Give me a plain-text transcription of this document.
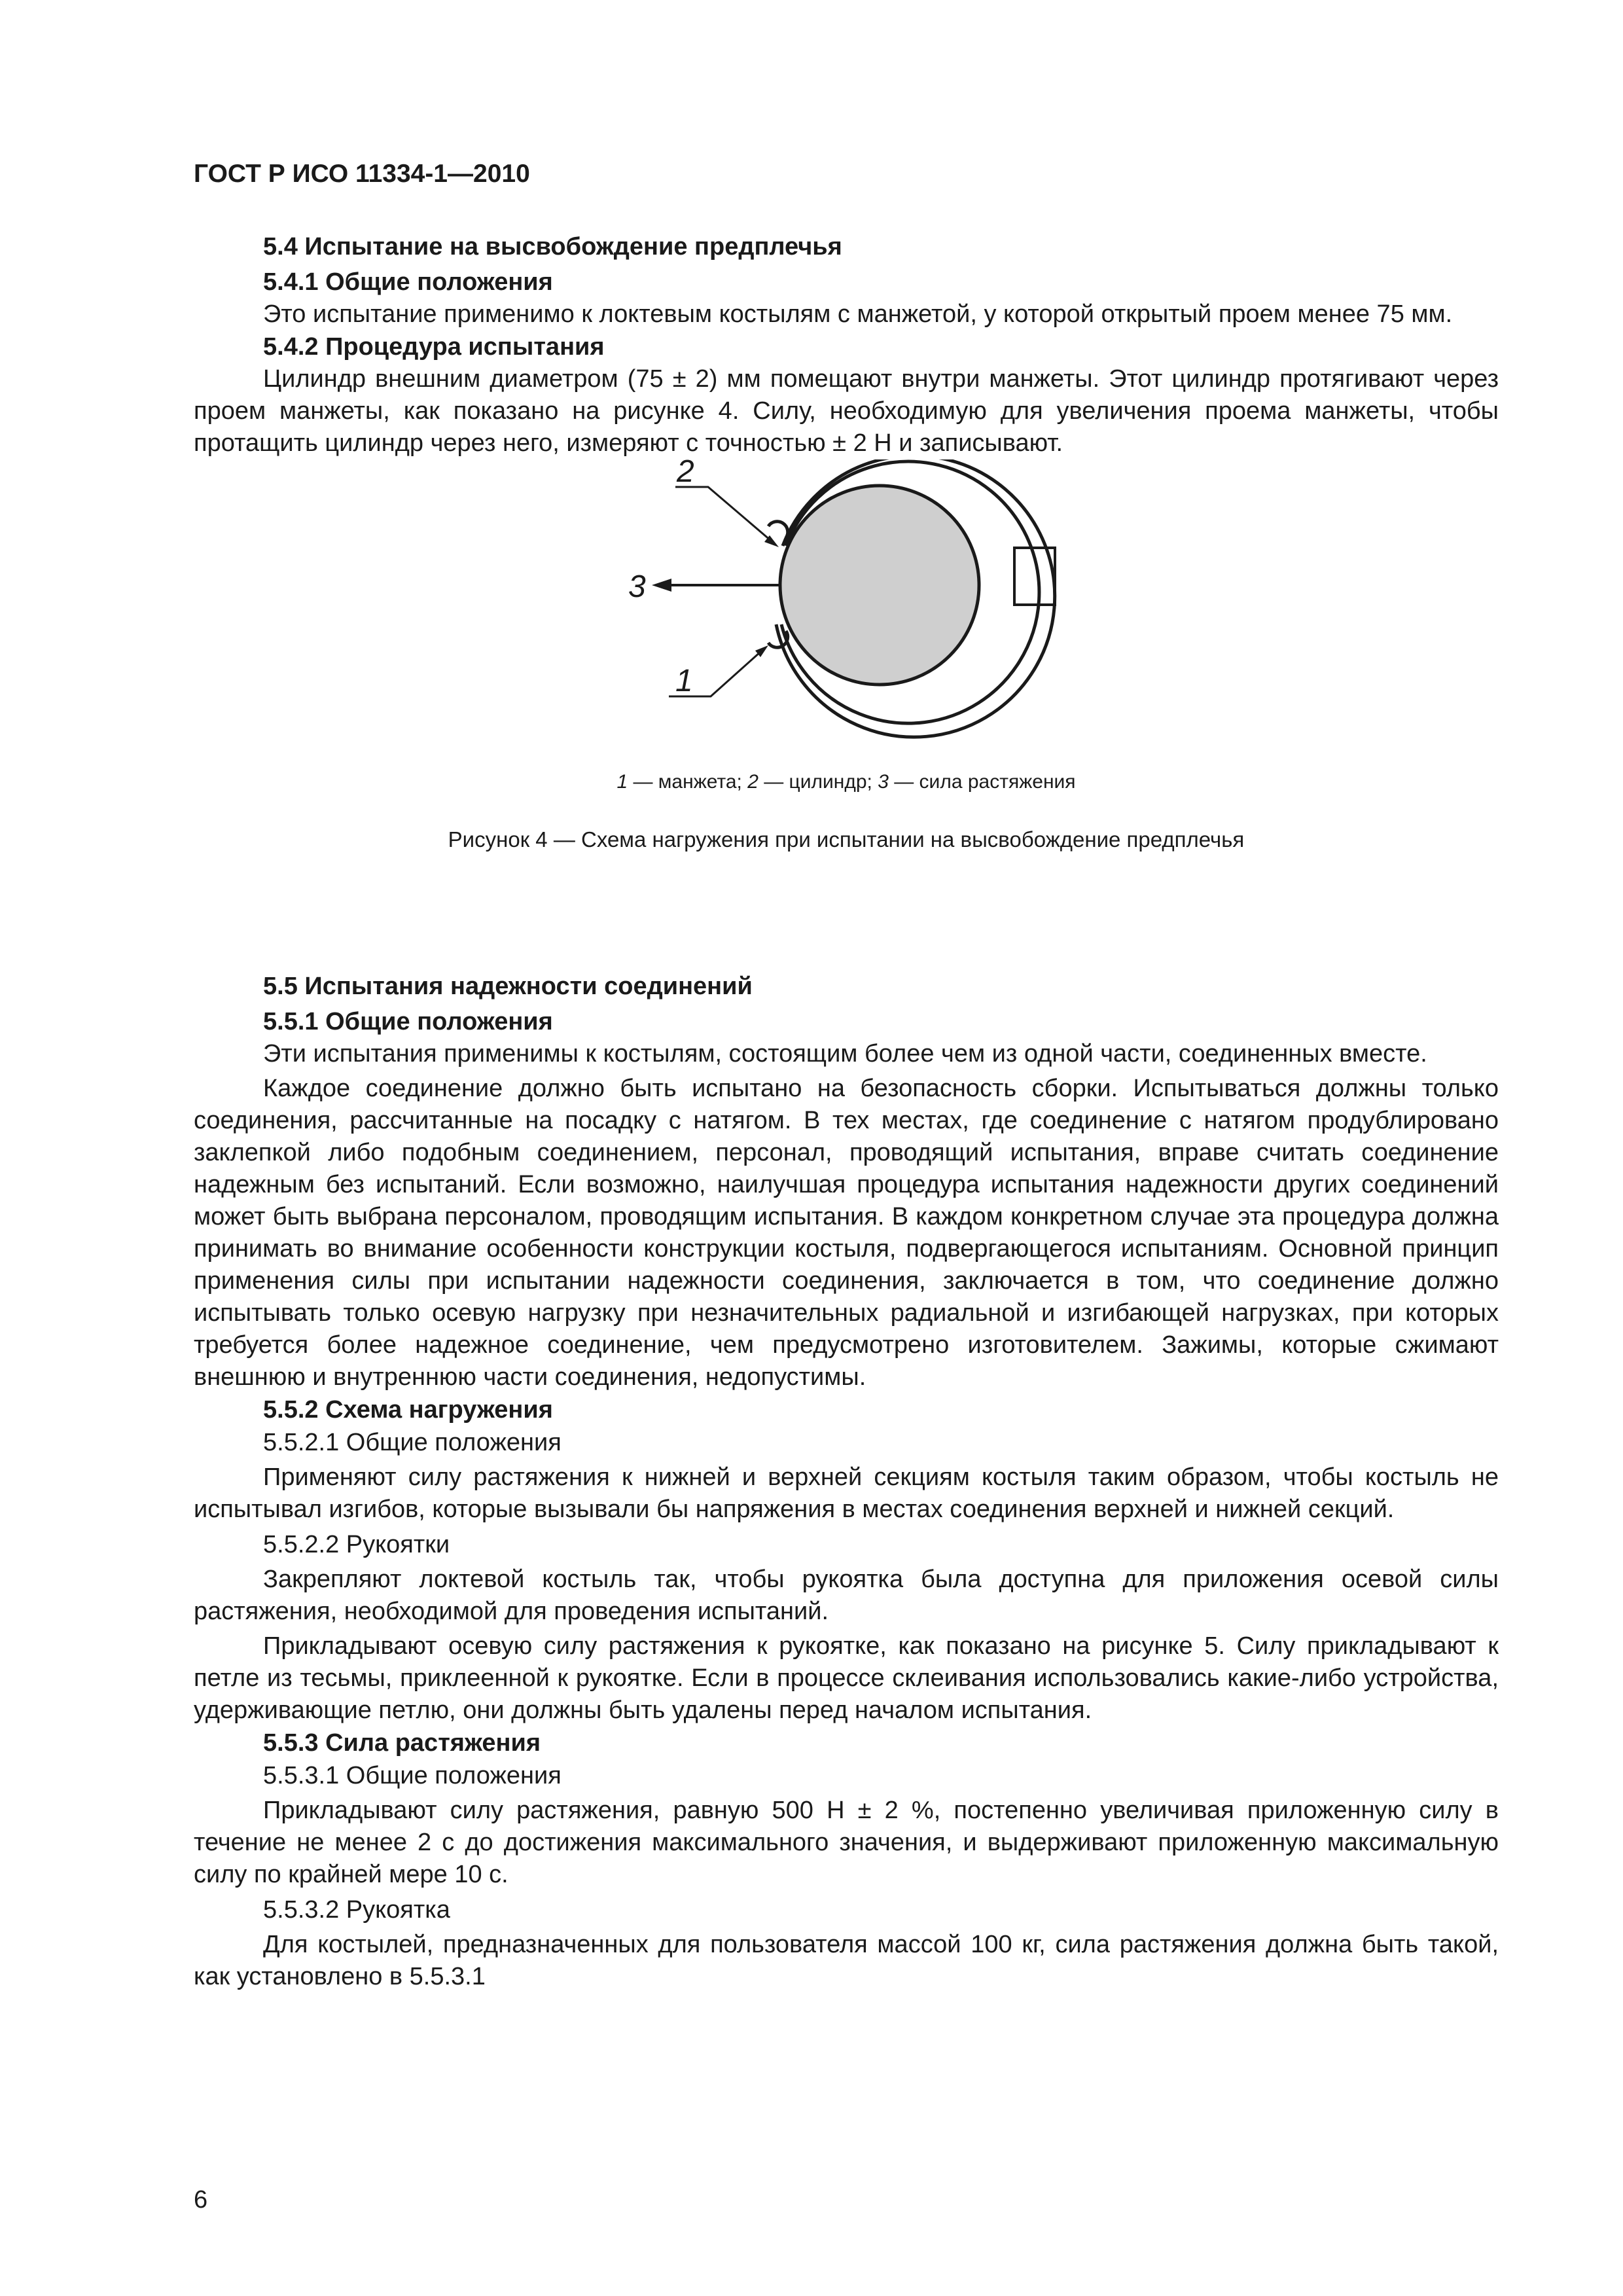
ГОСТ Р ИСО 11334-1—2010

5.4 Испытание на высвобождение предплечья

5.4.1 Общие положения

Это испытание применимо к локтевым костылям с манжетой, у которой открытый проем менее 75 мм.

5.4.2 Процедура испытания

Цилиндр внешним диаметром (75 ± 2) мм помещают внутри манжеты. Этот цилиндр протягивают через проем манжеты, как показано на рисунке 4. Силу, необходимую для увеличения проема манжеты, чтобы протащить цилиндр через него, измеряют с точностью ± 2 Н и записывают.

2
3
1
1 — манжета; 2 — цилиндр; 3 — сила растяжения
Рисунок 4 — Схема нагружения при испытании на высвобождение предплечья

5.5 Испытания надежности соединений

5.5.1 Общие положения

Эти испытания применимы к костылям, состоящим более чем из одной части, соединенных вместе.

Каждое соединение должно быть испытано на безопасность сборки. Испытываться должны только соединения, рассчитанные на посадку с натягом. В тех местах, где соединение с натягом продублировано заклепкой либо подобным соединением, персонал, проводящий испытания, вправе считать соединение надежным без испытаний. Если возможно, наилучшая процедура испытания надежности других соединений может быть выбрана персоналом, проводящим испытания. В каждом конкретном случае эта процедура должна принимать во внимание особенности конструкции костыля, подвергающегося испытаниям. Основной принцип применения силы при испытании надежности соединения, заключается в том, что соединение должно испытывать только осевую нагрузку при незначительных радиальной и изгибающей нагрузках, при которых требуется более надежное соединение, чем предусмотрено изготовителем. Зажимы, которые сжимают внешнюю и внутреннюю части соединения, недопустимы.

5.5.2 Схема нагружения

5.5.2.1 Общие положения

Применяют силу растяжения к нижней и верхней секциям костыля таким образом, чтобы костыль не испытывал изгибов, которые вызывали бы напряжения в местах соединения верхней и нижней секций.

5.5.2.2 Рукоятки

Закрепляют локтевой костыль так, чтобы рукоятка была доступна для приложения осевой силы растяжения, необходимой для проведения испытаний.

Прикладывают осевую силу растяжения к рукоятке, как показано на рисунке 5. Силу прикладывают к петле из тесьмы, приклеенной к рукоятке. Если в процессе склеивания использовались какие-либо устройства, удерживающие петлю, они должны быть удалены перед началом испытания.

5.5.3 Сила растяжения

5.5.3.1 Общие положения

Прикладывают силу растяжения, равную 500 Н ± 2 %, постепенно увеличивая приложенную силу в течение не менее 2 с до достижения максимального значения, и выдерживают приложенную максимальную силу по крайней мере 10 с.

5.5.3.2 Рукоятка

Для костылей, предназначенных для пользователя массой 100 кг, сила растяжения должна быть такой, как установлено в 5.5.3.1

6
